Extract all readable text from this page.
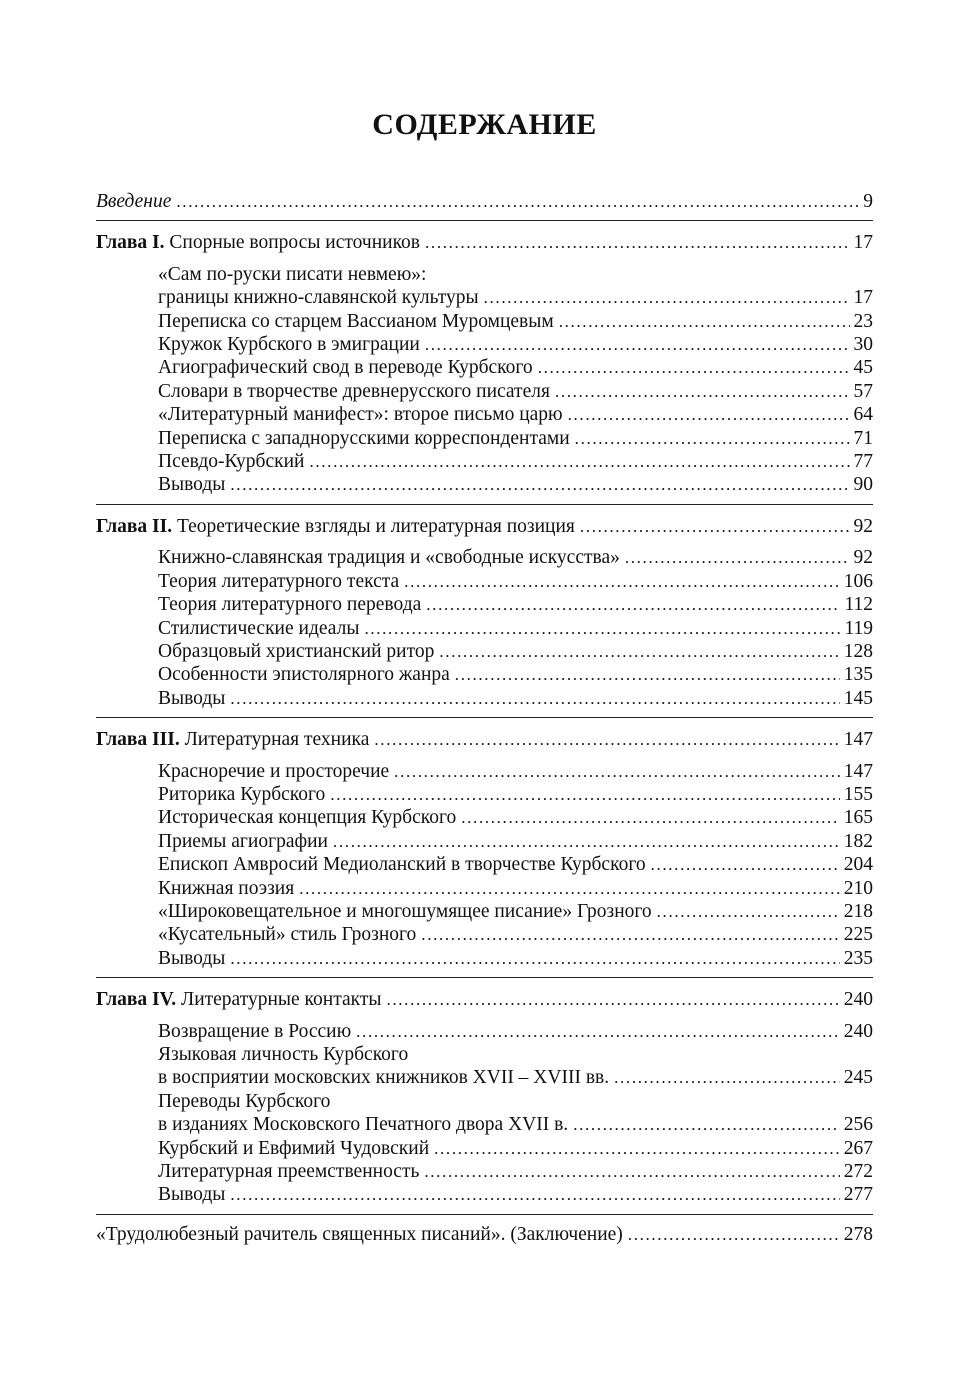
СОДЕРЖАНИЕ
Введение . . .	9
Глава I. Спорные вопросы источников . . .	17
«Сам по-руски писати невмею»:
границы книжно-славянской культуры . . .	17
Переписка со старцем Вассианом Муромцевым . . .	23
Кружок Курбского в эмиграции . . .	30
Агиографический свод в переводе Курбского . . .	45
Словари в творчестве древнерусского писателя . . .	57
«Литературный манифест»: второе письмо царю . . .	64
Переписка с западнорусскими корреспондентами . . .	71
Псевдо-Курбский . . .	77
Выводы . . .	90
Глава II. Теоретические взгляды и литературная позиция . . .	92
Книжно-славянская традиция и «свободные искусства» . . .	92
Теория литературного текста . . .	106
Теория литературного перевода . . .	112
Стилистические идеалы . . .	119
Образцовый христианский ритор . . .	128
Особенности эпистолярного жанра . . .	135
Выводы . . .	145
Глава III. Литературная техника . . .	147
Красноречие и просторечие . . .	147
Риторика Курбского . . .	155
Историческая концепция Курбского . . .	165
Приемы агиографии . . .	182
Епископ Амвросий Медиоланский в творчестве Курбского . . .	204
Книжная поэзия . . .	210
«Широковещательное и многошумящее писание» Грозного . . .	218
«Кусательный» стиль Грозного . . .	225
Выводы . . .	235
Глава IV. Литературные контакты . . .	240
Возвращение в Россию . . .	240
Языковая личность Курбского
в восприятии московских книжников XVII – XVIII вв. . . .	245
Переводы Курбского
в изданиях Московского Печатного двора XVII в. . . .	256
Курбский и Евфимий Чудовский . . .	267
Литературная преемственность . . .	272
Выводы . . .	277
«Трудолюбезный рачитель священных писаний». (Заключение) . . .	278
